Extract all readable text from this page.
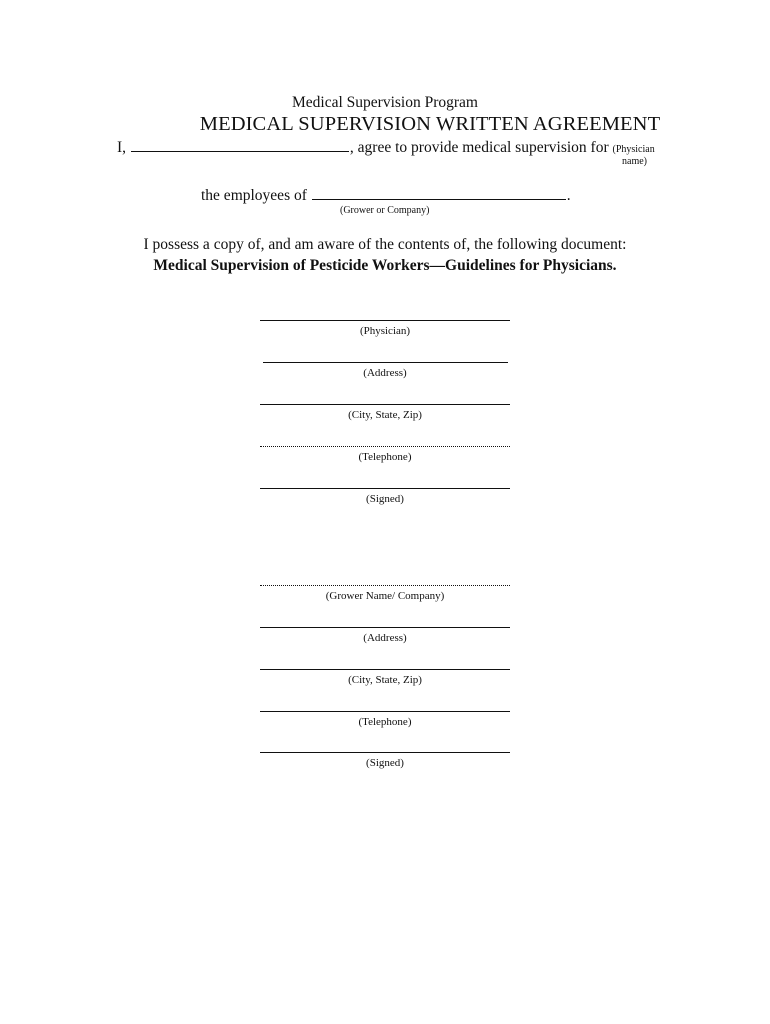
Medical Supervision Program
MEDICAL SUPERVISION WRITTEN AGREEMENT
I,	, agree to provide medical supervision for (Physician
name)
the employees of	.
(Grower or Company)
I possess a copy of, and am aware of the contents of, the following document:
Medical Supervision of Pesticide Workers—Guidelines for Physicians.
(Physician)
(Address)
(City, State, Zip)
(Telephone)
(Signed)
(Grower Name/ Company)
(Address)
(City, State, Zip)
(Telephone)
(Signed)
